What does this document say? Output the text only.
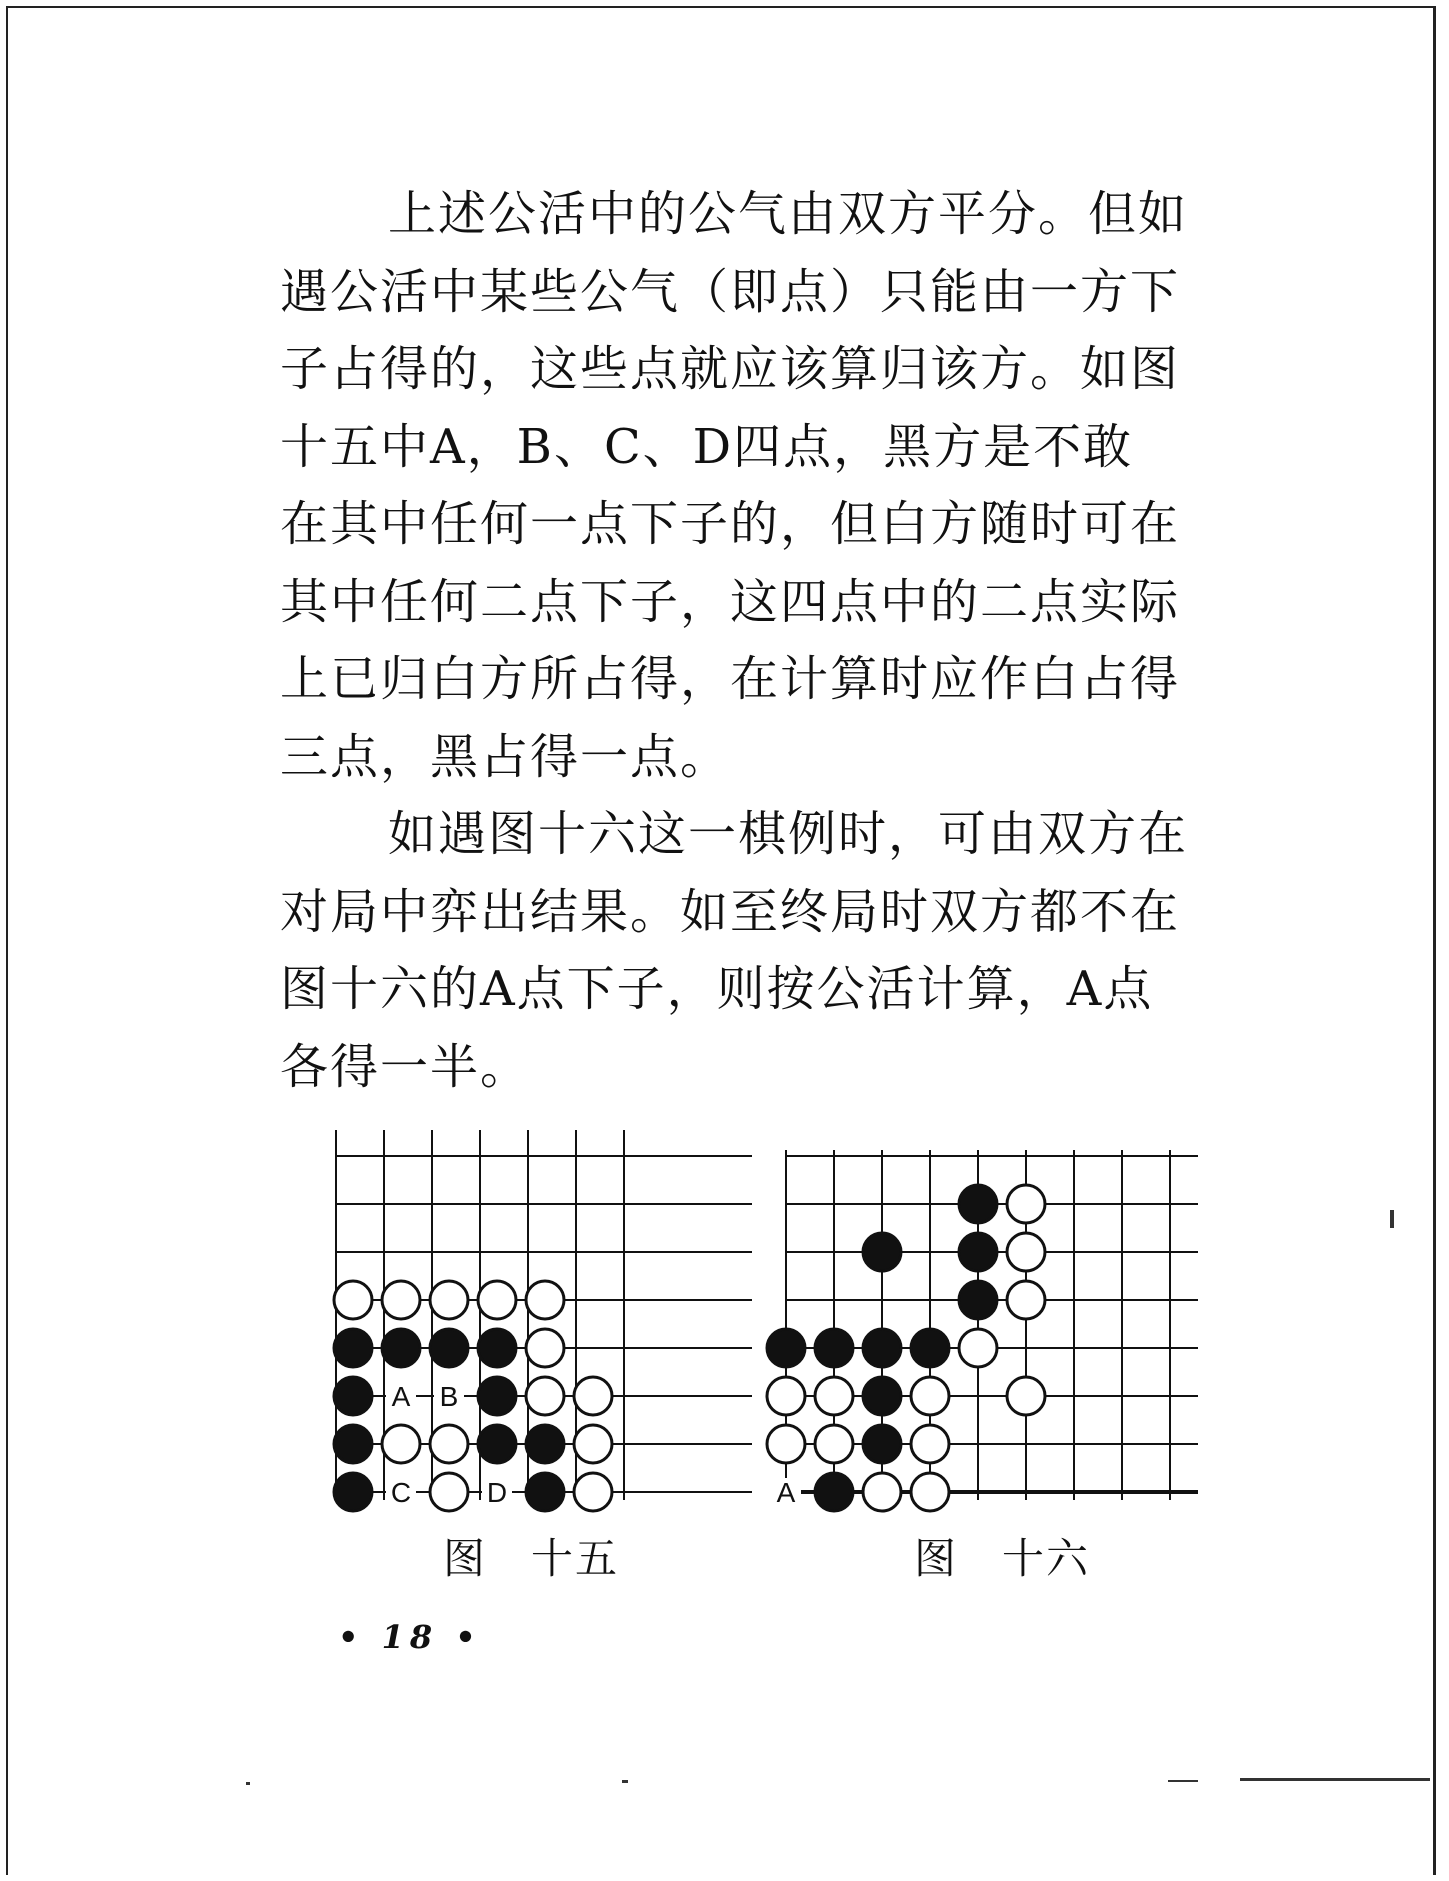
上述公活中的公气由双方平分。但如
遇公活中某些公气（即点）只能由一方下
子占得的，这些点就应该算归该方。如图
十五中A，B、C、D四点，黑方是不敢
在其中任何一点下子的，但白方随时可在
其中任何二点下子，这四点中的二点实际
上已归白方所占得，在计算时应作白占得
三点，黑占得一点。
如遇图十六这一棋例时，可由双方在
对局中弈出结果。如至终局时双方都不在
图十六的A点下子，则按公活计算，A点
各得一半。
A B
C	D	A
图　十五	图　十六
• 18 •
